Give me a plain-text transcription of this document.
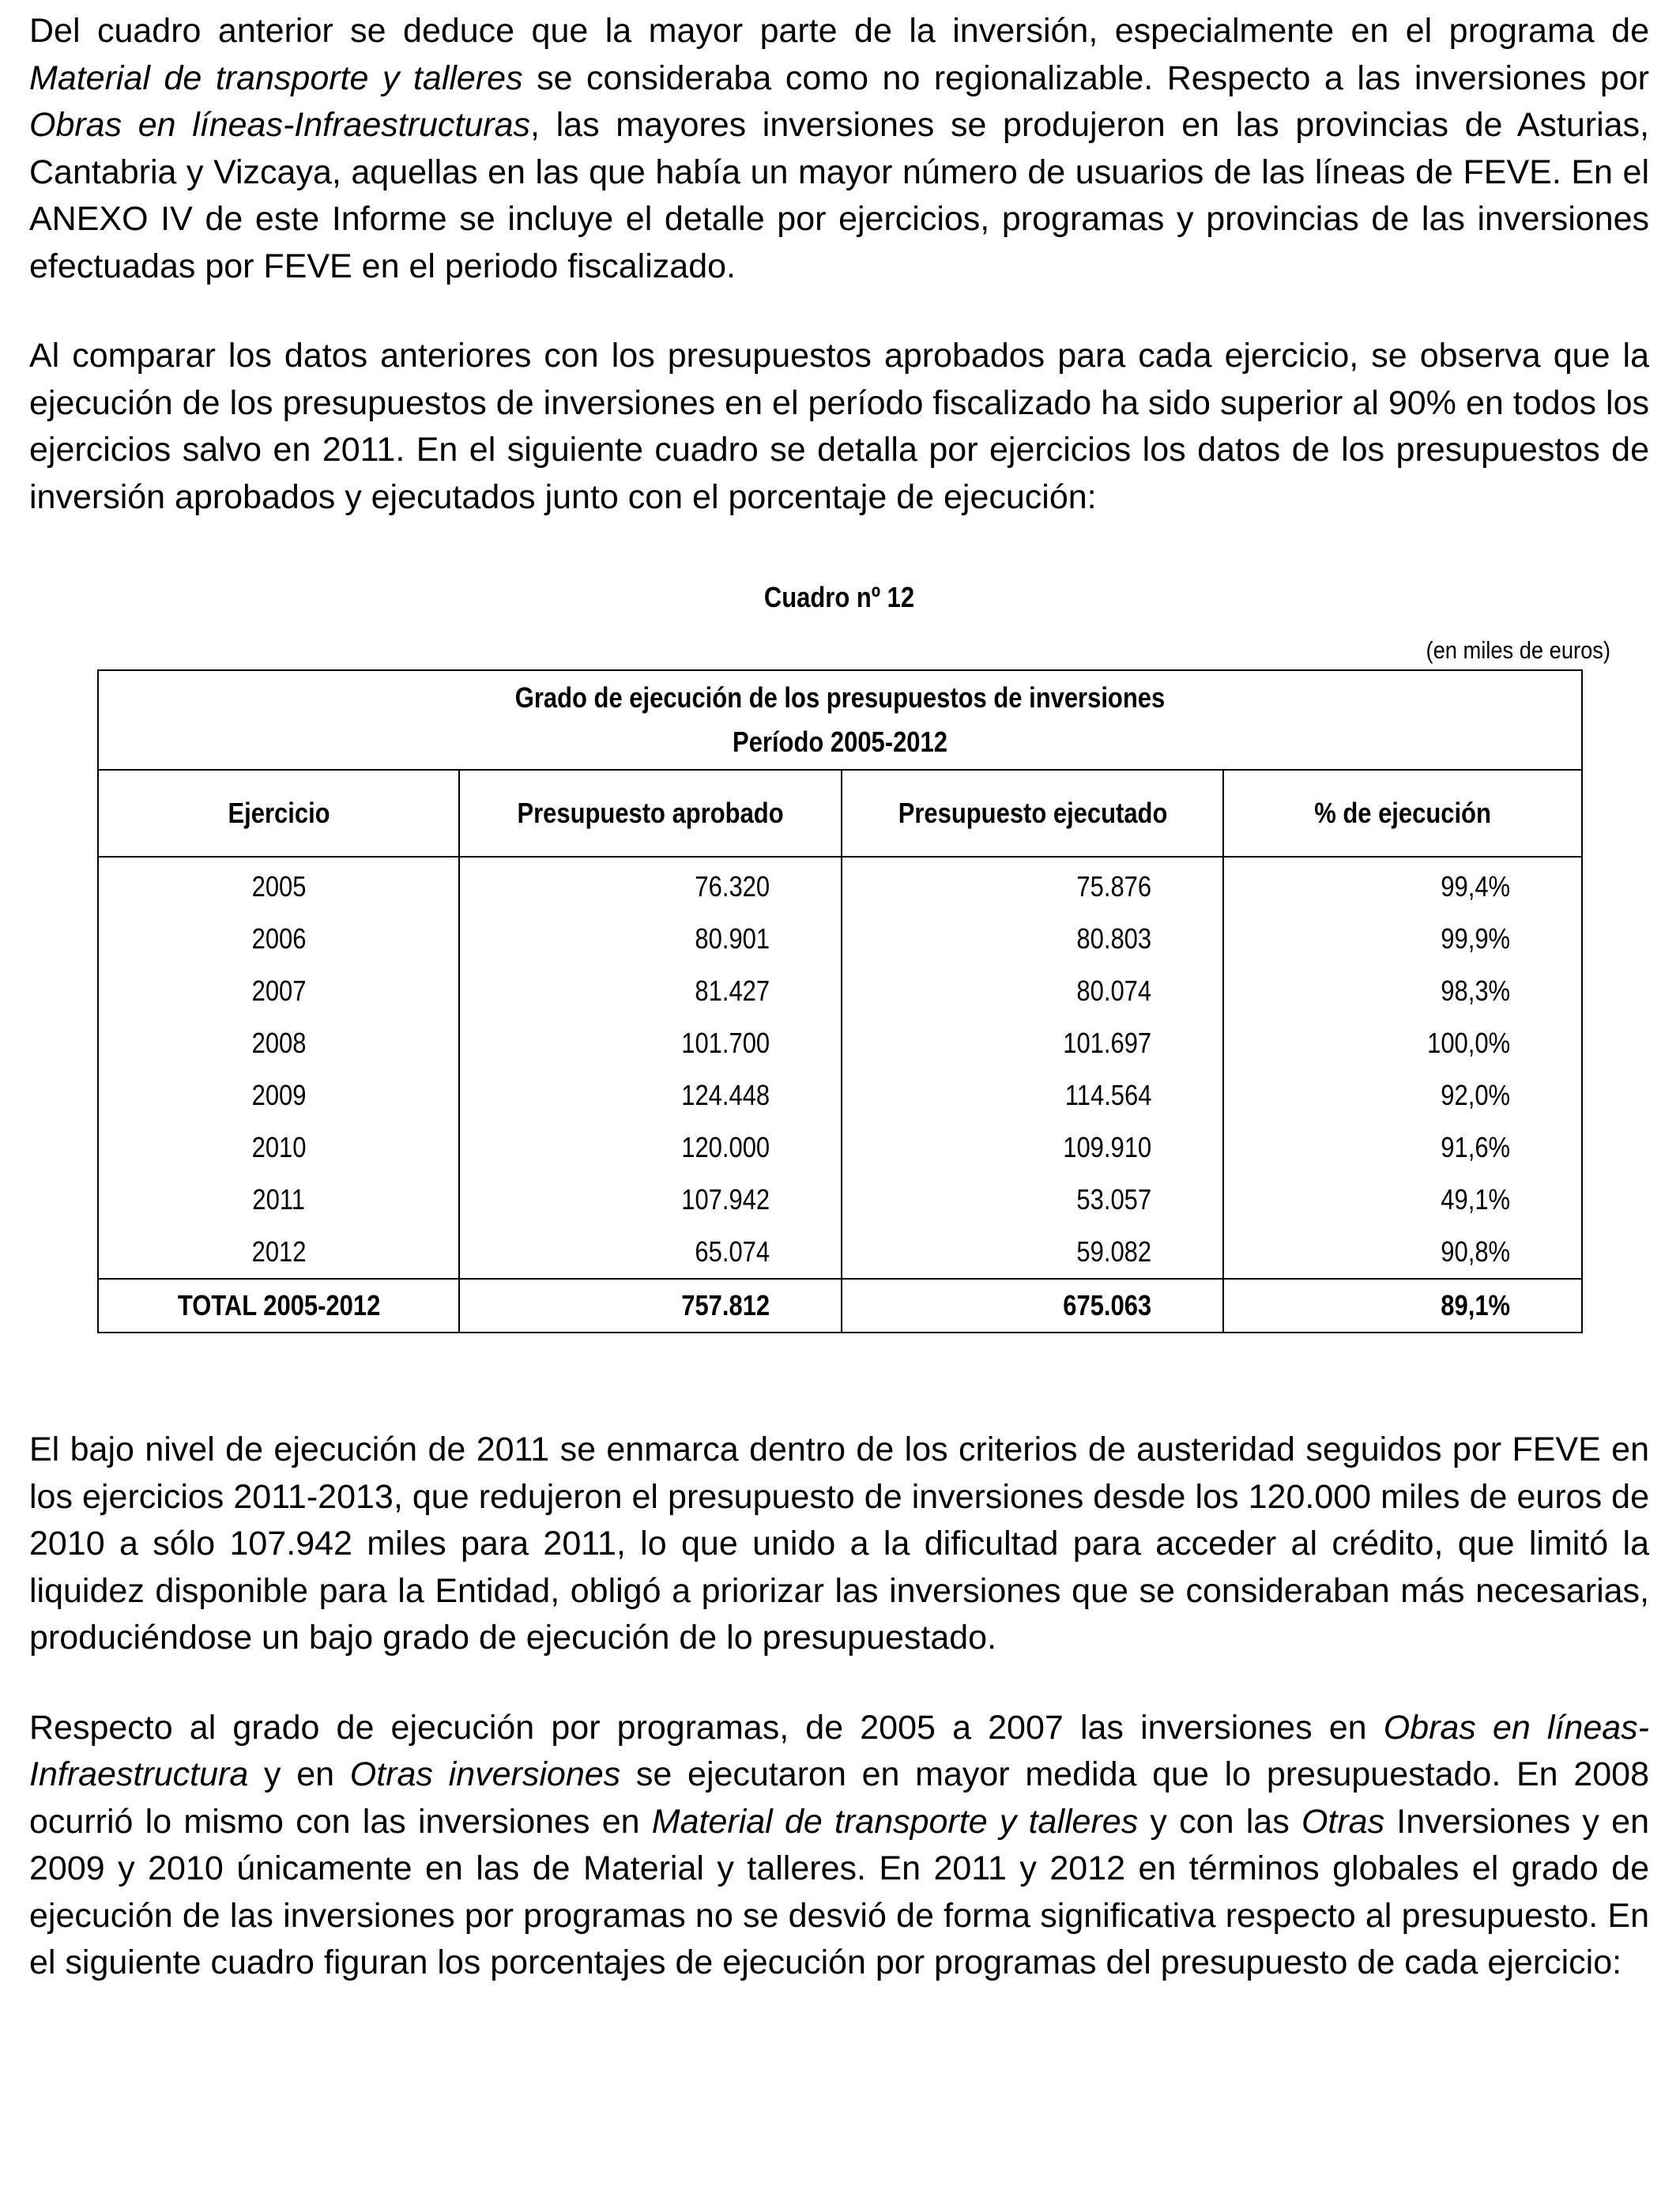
Del cuadro anterior se deduce que la mayor parte de la inversión, especialmente en el programa de Material de transporte y talleres se consideraba como no regionalizable. Respecto a las inversiones por Obras en líneas-Infraestructuras, las mayores inversiones se produjeron en las provincias de Asturias, Cantabria y Vizcaya, aquellas en las que había un mayor número de usuarios de las líneas de FEVE. En el ANEXO IV de este Informe se incluye el detalle por ejercicios, programas y provincias de las inversiones efectuadas por FEVE en el periodo fiscalizado.

Al comparar los datos anteriores con los presupuestos aprobados para cada ejercicio, se observa que la ejecución de los presupuestos de inversiones en el período fiscalizado ha sido superior al 90% en todos los ejercicios salvo en 2011. En el siguiente cuadro se detalla por ejercicios los datos de los presupuestos de inversión aprobados y ejecutados junto con el porcentaje de ejecución:

Cuadro nº 12
(en miles de euros)
Grado de ejecución de los presupuestos de inversiones
Período 2005-2012			

Ejercicio	Presupuesto aprobado	Presupuesto ejecutado	% de ejecución
2005	76.320	75.876	99,4%
2006	80.901	80.803	99,9%
2007	81.427	80.074	98,3%
2008	101.700	101.697	100,0%
2009	124.448	114.564	92,0%
2010	120.000	109.910	91,6%
2011	107.942	53.057	49,1%
2012	65.074	59.082	90,8%
TOTAL 2005-2012	757.812	675.063	89,1%

El bajo nivel de ejecución de 2011 se enmarca dentro de los criterios de austeridad seguidos por FEVE en los ejercicios 2011-2013, que redujeron el presupuesto de inversiones desde los 120.000 miles de euros de 2010 a sólo 107.942 miles para 2011, lo que unido a la dificultad para acceder al crédito, que limitó la liquidez disponible para la Entidad, obligó a priorizar las inversiones que se consideraban más necesarias, produciéndose un bajo grado de ejecución de lo presupuestado.

Respecto al grado de ejecución por programas, de 2005 a 2007 las inversiones en Obras en líneas-Infraestructura y en Otras inversiones se ejecutaron en mayor medida que lo presupuestado. En 2008 ocurrió lo mismo con las inversiones en Material de transporte y talleres y con las Otras Inversiones y en 2009 y 2010 únicamente en las de Material y talleres. En 2011 y 2012 en términos globales el grado de ejecución de las inversiones por programas no se desvió de forma significativa respecto al presupuesto. En el siguiente cuadro figuran los porcentajes de ejecución por programas del presupuesto de cada ejercicio:
